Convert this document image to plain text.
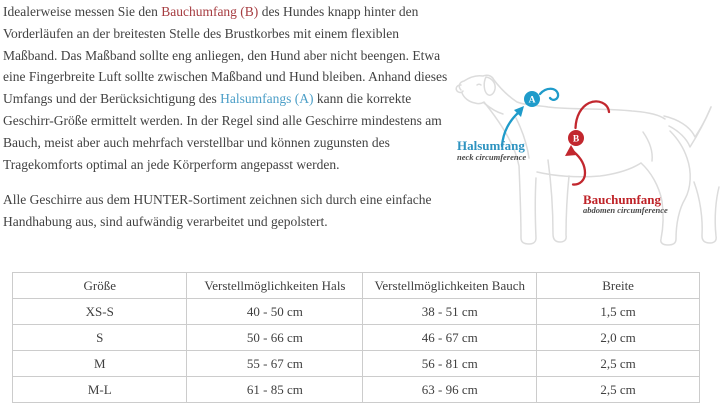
Idealerweise messen Sie den Bauchumfang (B) des Hundes knapp hinter den Vorderläufen an der breitesten Stelle des Brustkorbes mit einem flexiblen Maßband. Das Maßband sollte eng anliegen, den Hund aber nicht beengen. Etwa eine Fingerbreite Luft sollte zwischen Maßband und Hund bleiben. Anhand dieses Umfangs und der Berücksichtigung des Halsumfangs (A) kann die korrekte Geschirr-Größe ermittelt werden. In der Regel sind alle Geschirre mindestens am Bauch, meist aber auch mehrfach verstellbar und können zugunsten des Tragekomforts optimal an jede Körperform angepasst werden.

Alle Geschirre aus dem HUNTER-Sortiment zeichnen sich durch eine einfache Handhabung aus, sind aufwändig verarbeitet und gepolstert.

A
B
Halsumfang
neck circumference
Bauchumfang
abdomen circumference
Größe	Verstellmöglichkeiten Hals	Verstellmöglichkeiten Bauch	Breite
XS-S	40 - 50 cm	38 - 51 cm	1,5 cm
S	50 - 66 cm	46 - 67 cm	2,0 cm
M	55 - 67 cm	56 - 81 cm	2,5 cm
M-L	61 - 85 cm	63 - 96 cm	2,5 cm
